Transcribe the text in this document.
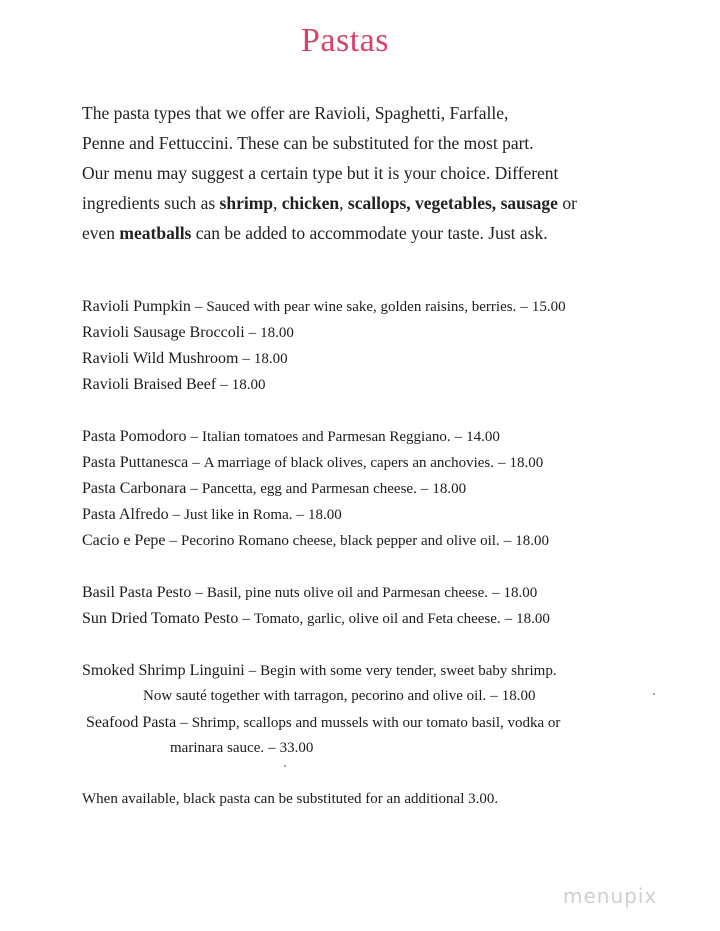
Pastas
The pasta types that we offer are Ravioli, Spaghetti, Farfalle,
Penne and Fettuccini. These can be substituted for the most part.
Our menu may suggest a certain type but it is your choice. Different
ingredients such as shrimp, chicken, scallops, vegetables, sausage or
even meatballs can be added to accommodate your taste. Just ask.
Ravioli Pumpkin – Sauced with pear wine sake, golden raisins, berries. – 15.00
Ravioli Sausage Broccoli – 18.00
Ravioli Wild Mushroom – 18.00
Ravioli Braised Beef – 18.00
Pasta Pomodoro – Italian tomatoes and Parmesan Reggiano. – 14.00
Pasta Puttanesca – A marriage of black olives, capers an anchovies. – 18.00
Pasta Carbonara – Pancetta, egg and Parmesan cheese. – 18.00
Pasta Alfredo – Just like in Roma. – 18.00
Cacio e Pepe – Pecorino Romano cheese, black pepper and olive oil. – 18.00
Basil Pasta Pesto – Basil, pine nuts olive oil and Parmesan cheese. – 18.00
Sun Dried Tomato Pesto – Tomato, garlic, olive oil and Feta cheese. – 18.00
Smoked Shrimp Linguini – Begin with some very tender, sweet baby shrimp.
Now sauté together with tarragon, pecorino and olive oil. – 18.00
Seafood Pasta – Shrimp, scallops and mussels with our tomato basil, vodka or
marinara sauce. – 33.00
When available, black pasta can be substituted for an additional 3.00.
menupix
